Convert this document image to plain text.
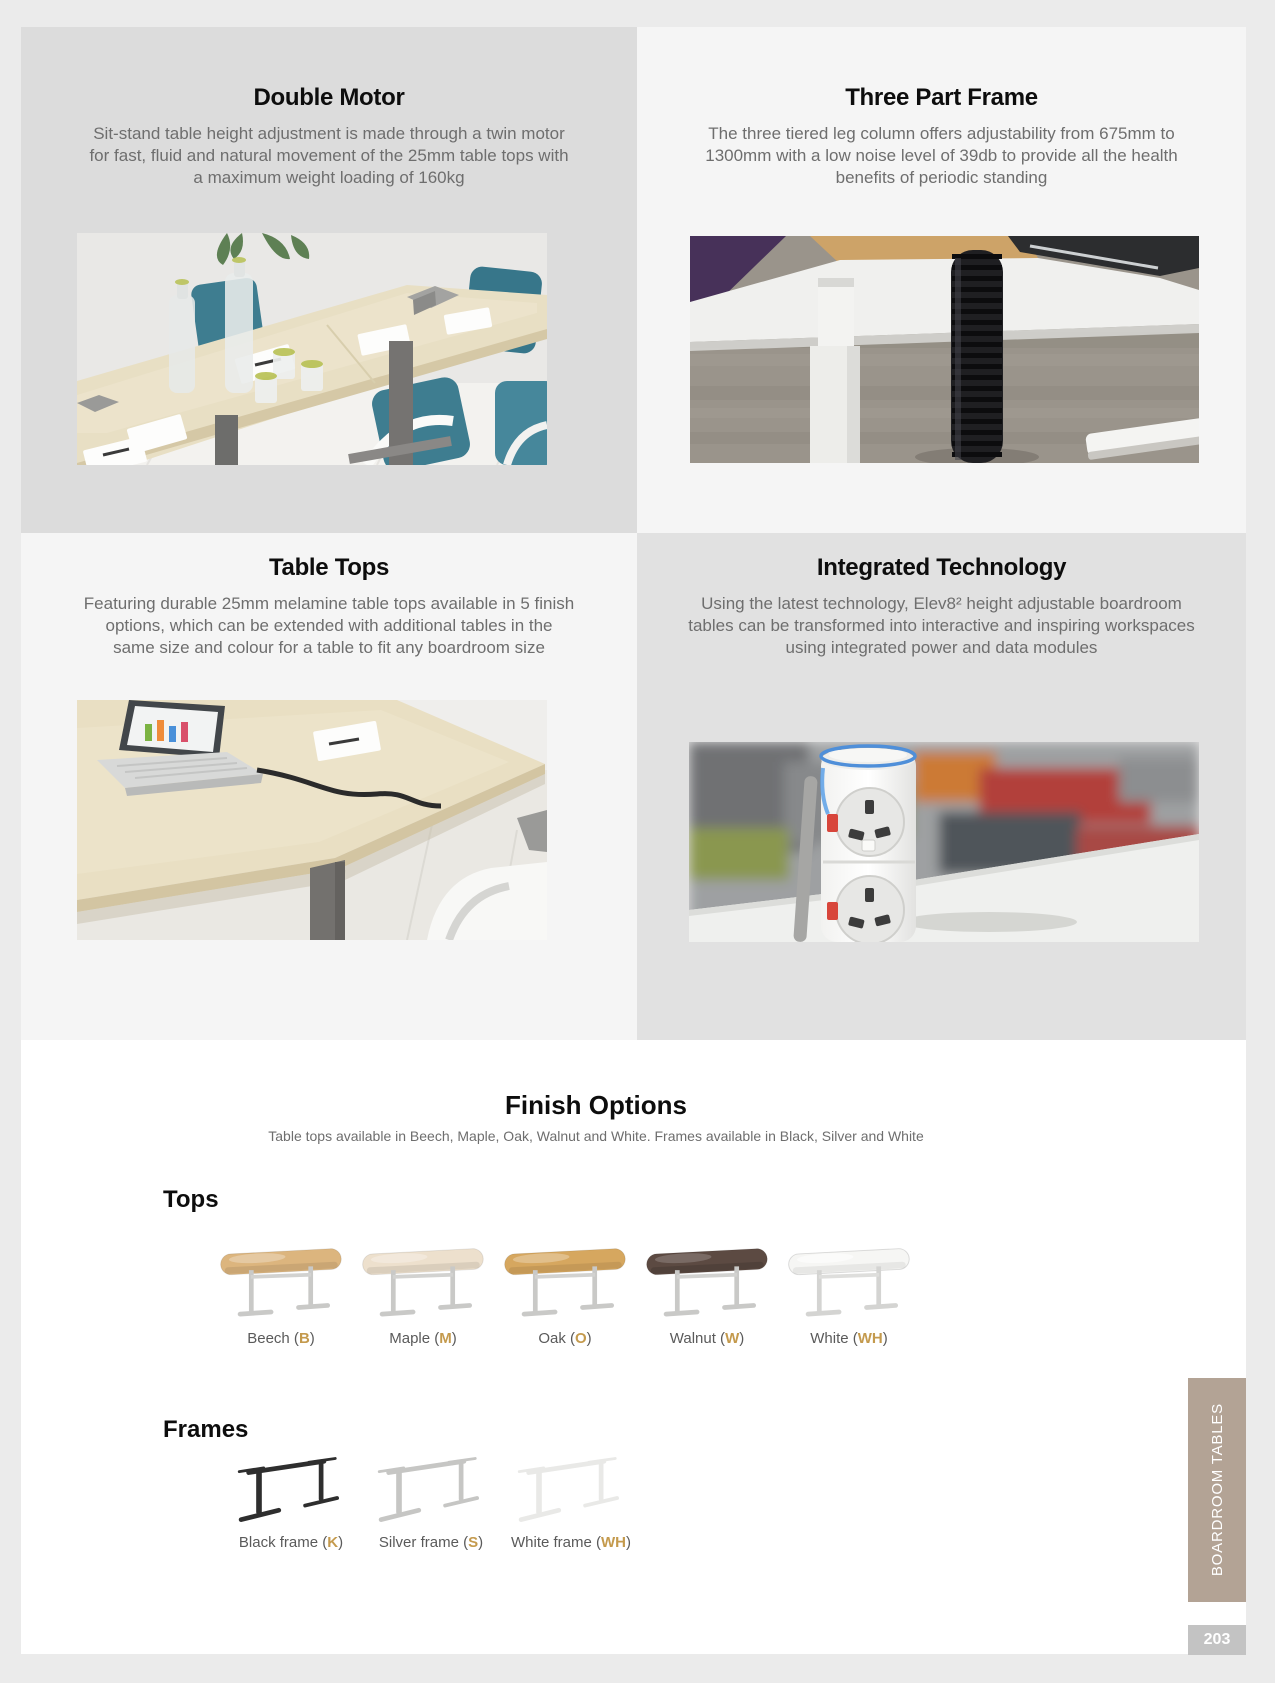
Double Motor

Sit-stand table height adjustment is made through a twin motor for fast, fluid and natural movement of the 25mm table tops with a maximum weight loading of 160kg

Three Part Frame

The three tiered leg column offers adjustability from 675mm to 1300mm with a low noise level of 39db to provide all the health benefits of periodic standing

Table Tops

Featuring durable 25mm melamine table tops available in 5 finish options, which can be extended with additional tables in the same size and colour for a table to fit any boardroom size

Integrated Technology

Using the latest technology, Elev8² height adjustable boardroom tables can be transformed into interactive and inspiring workspaces using integrated power and data modules

Finish Options

Table tops available in Beech, Maple, Oak, Walnut and White. Frames available in Black, Silver and White

Tops
Beech (B)	Maple (M)	Oak (O)	Walnut (W)	White (WH)
Frames
Black frame (K) Silver frame (S) White frame (WH)	BOARDROOM TABLES
203
